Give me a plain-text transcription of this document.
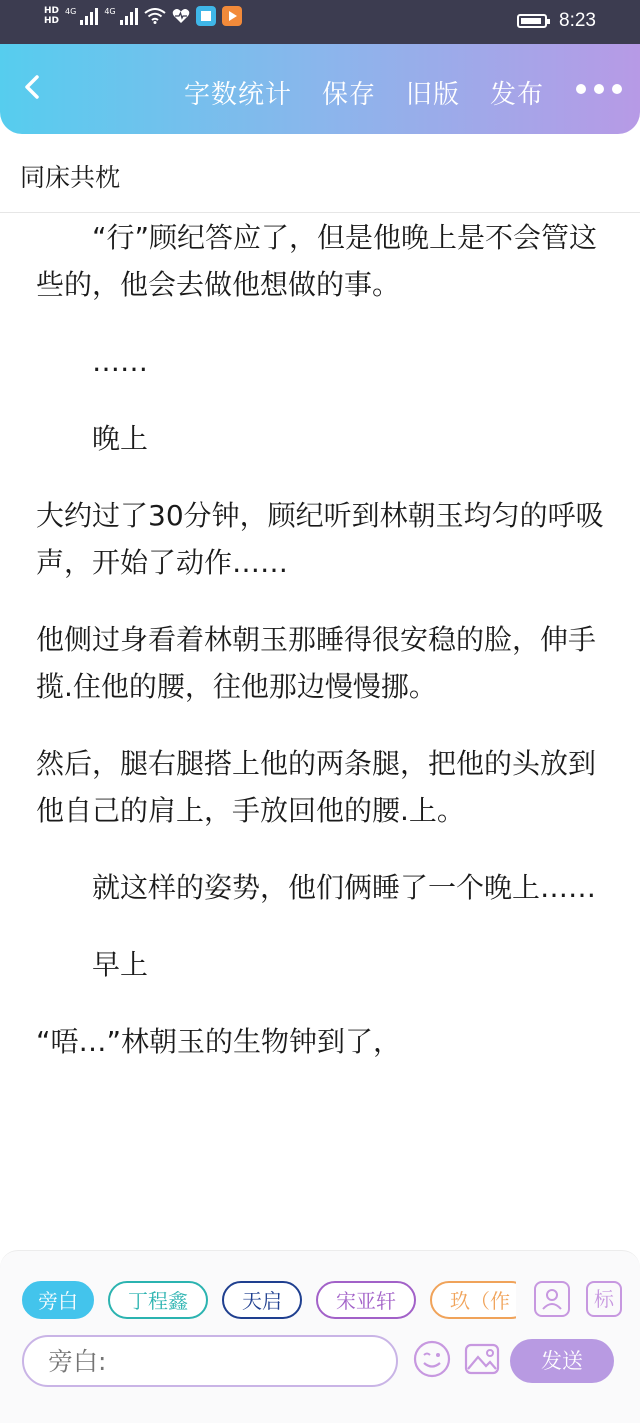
HD
HD
4G	4G	8:23
字数统计 保存 旧版 发布
同床共枕

“行”顾纪答应了，但是他晚上是不会管这些的，他会去做他想做的事。

……

晚上

大约过了30分钟，顾纪听到林朝玉均匀的呼吸声，开始了动作……

他侧过身看着林朝玉那睡得很安稳的脸，伸手揽.住他的腰，往他那边慢慢挪。

然后，腿右腿搭上他的两条腿，把他的头放到他自己的肩上，手放回他的腰.上。

就这样的姿势，他们俩睡了一个晚上……

早上

“唔…”林朝玉的生物钟到了，

旁白	丁程鑫	天启	宋亚轩	玖（作	标
旁白:
发送
